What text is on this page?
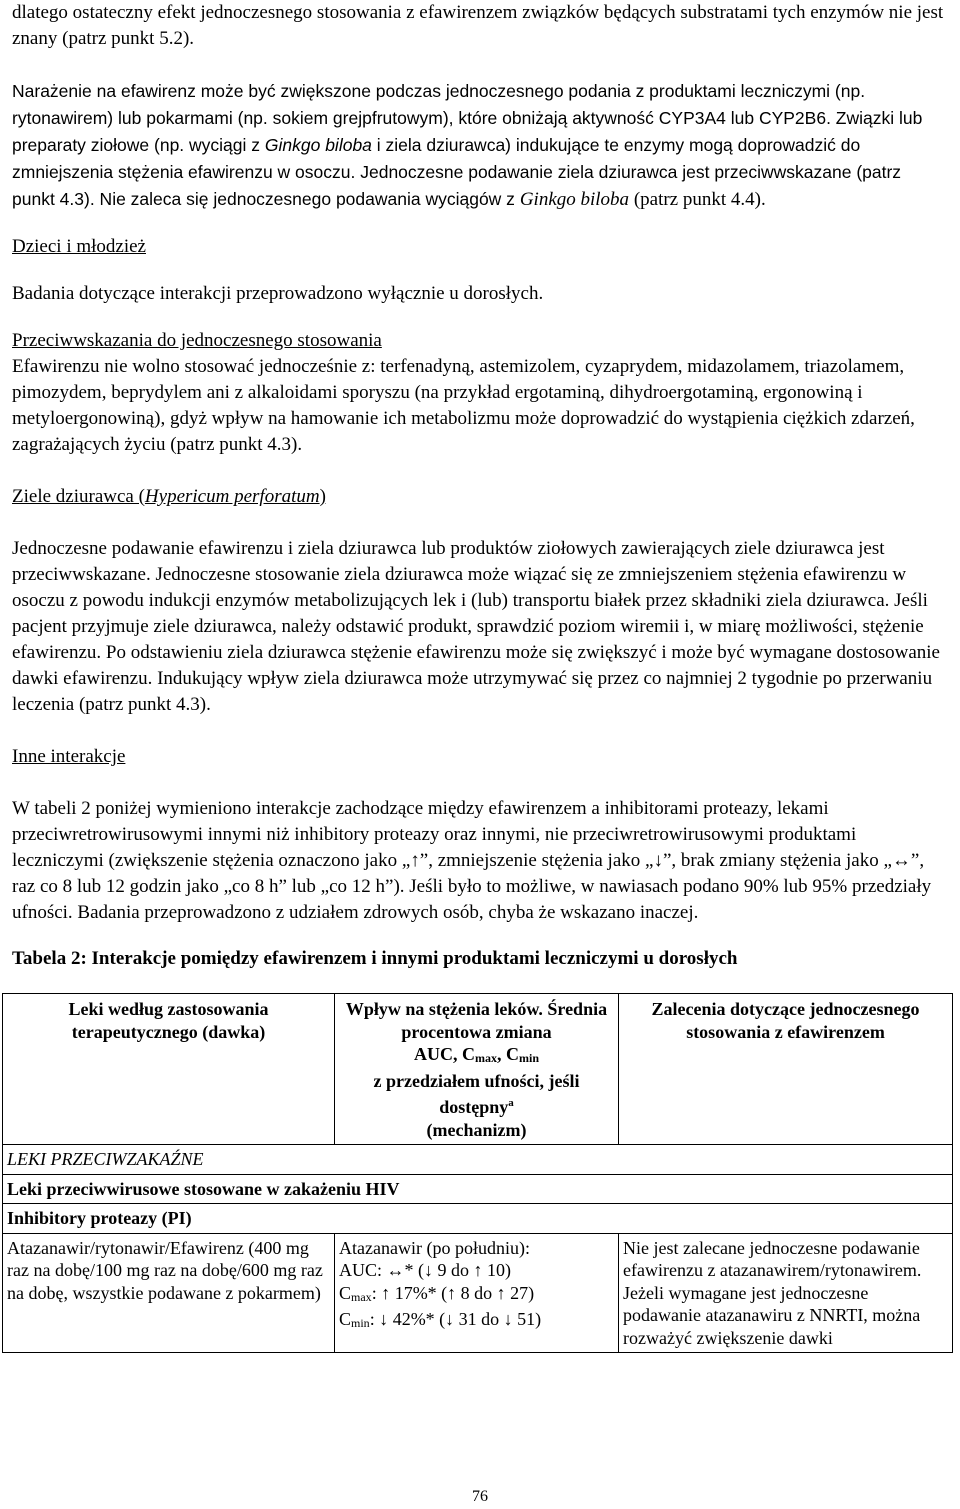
dlatego ostateczny efekt jednoczesnego stosowania z efawirenzem związków będących substratami tych enzymów nie jest znany (patrz punkt 5.2).

Narażenie na efawirenz może być zwiększone podczas jednoczesnego podania z produktami leczniczymi (np. rytonawirem) lub pokarmami (np. sokiem grejpfrutowym), które obniżają aktywność CYP3A4 lub CYP2B6. Związki lub preparaty ziołowe (np. wyciągi z Ginkgo biloba i ziela dziurawca) indukujące te enzymy mogą doprowadzić do zmniejszenia stężenia efawirenzu w osoczu. Jednoczesne podawanie ziela dziurawca jest przeciwwskazane (patrz punkt 4.3). Nie zaleca się jednoczesnego podawania wyciągów z Ginkgo biloba (patrz punkt 4.4).

Dzieci i młodzież

Badania dotyczące interakcji przeprowadzono wyłącznie u dorosłych.

Przeciwwskazania do jednoczesnego stosowania

Efawirenzu nie wolno stosować jednocześnie z: terfenadyną, astemizolem, cyzaprydem, midazolamem, triazolamem, pimozydem, beprydylem ani z alkaloidami sporyszu (na przykład ergotaminą, dihydroergotaminą, ergonowiną i metyloergonowiną), gdyż wpływ na hamowanie ich metabolizmu może doprowadzić do wystąpienia ciężkich zdarzeń, zagrażających życiu (patrz punkt 4.3).

Ziele dziurawca (Hypericum perforatum)

Jednoczesne podawanie efawirenzu i ziela dziurawca lub produktów ziołowych zawierających ziele dziurawca jest przeciwwskazane. Jednoczesne stosowanie ziela dziurawca może wiązać się ze zmniejszeniem stężenia efawirenzu w osoczu z powodu indukcji enzymów metabolizujących lek i (lub) transportu białek przez składniki ziela dziurawca. Jeśli pacjent przyjmuje ziele dziurawca, należy odstawić produkt, sprawdzić poziom wiremii i, w miarę możliwości, stężenie efawirenzu. Po odstawieniu ziela dziurawca stężenie efawirenzu może się zwiększyć i może być wymagane dostosowanie dawki efawirenzu. Indukujący wpływ ziela dziurawca może utrzymywać się przez co najmniej 2 tygodnie po przerwaniu leczenia (patrz punkt 4.3).

Inne interakcje

W tabeli 2 poniżej wymieniono interakcje zachodzące między efawirenzem a inhibitorami proteazy, lekami przeciwretrowirusowymi innymi niż inhibitory proteazy oraz innymi, nie przeciwretrowirusowymi produktami leczniczymi (zwiększenie stężenia oznaczono jako „↑”, zmniejszenie stężenia jako „↓”, brak zmiany stężenia jako „↔”, raz co 8 lub 12 godzin jako „co 8 h” lub „co 12 h”). Jeśli było to możliwe, w nawiasach podano 90% lub 95% przedziały ufności. Badania przeprowadzono z udziałem zdrowych osób, chyba że wskazano inaczej.

Tabela 2: Interakcje pomiędzy efawirenzem i innymi produktami leczniczymi u dorosłych

Leki według zastosowania terapeutycznego (dawka)	Wpływ na stężenia leków. Średnia procentowa zmiana
AUC, Cmax, Cmin
z przedziałem ufności, jeśli dostępny$^a$
(mechanizm)	Zalecenia dotyczące jednoczesnego stosowania z efawirenzem

LEKI PRZECIWZAKAŹNE		
Leki przeciwwirusowe stosowane w zakażeniu HIV		
Inhibitory proteazy (PI)		
Atazanawir/rytonawir/Efawirenz (400 mg raz na dobę/100 mg raz na dobę/600 mg raz na dobę, wszystkie podawane z pokarmem)	Atazanawir (po południu):
AUC: ↔* (↓ 9 do ↑ 10)
Cmax: ↑ 17%* (↑ 8 do ↑ 27)
Cmin: ↓ 42%* (↓ 31 do ↓ 51)	Nie jest zalecane jednoczesne podawanie efawirenzu z atazanawirem/rytonawirem. Jeżeli wymagane jest jednoczesne podawanie atazanawiru z NNRTI, można rozważyć zwiększenie dawki
76
